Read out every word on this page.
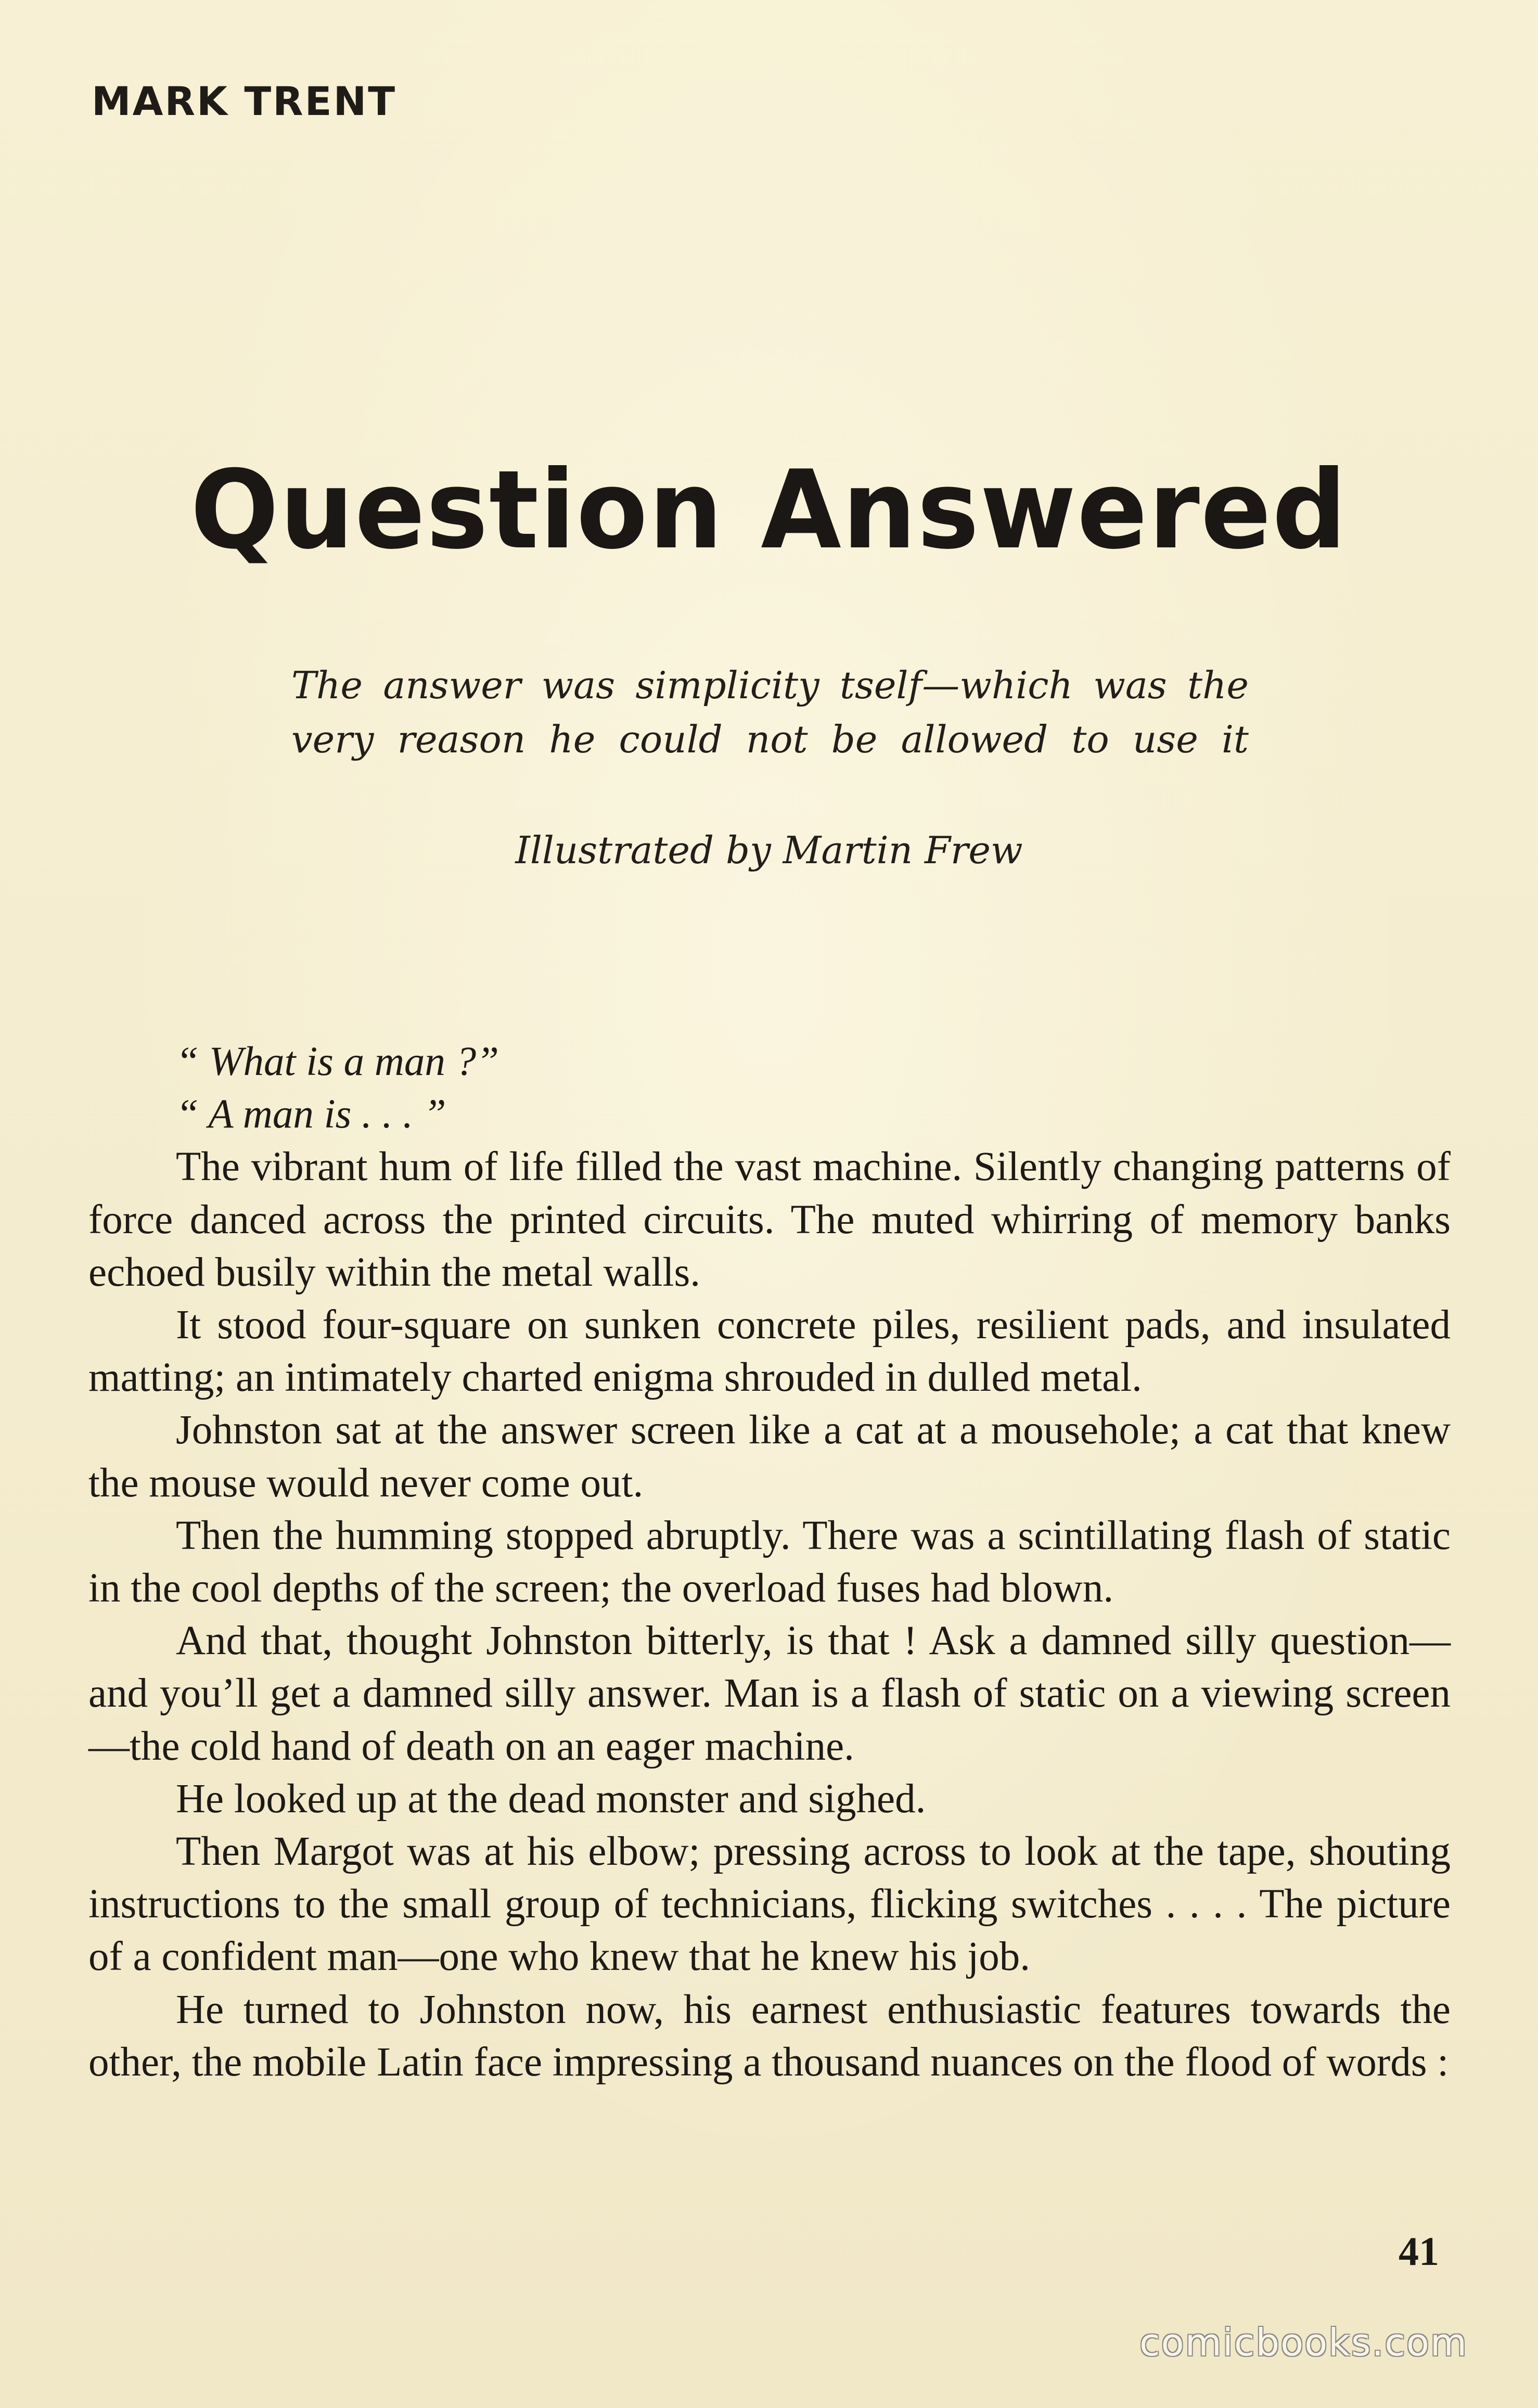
MARK TRENT
Question Answered
The answer was simplicity tself—which was the
very reason he could not be allowed to use it
Illustrated by Martin Frew

“ What is a man ?”

“ A man is . . . ”

The vibrant hum of life filled the vast machine. Silently changing patterns of force danced across the printed circuits. The muted whirring of memory banks echoed busily within the metal walls.

It stood four-square on sunken concrete piles, resilient pads, and insulated matting; an intimately charted enigma shrouded in dulled metal.

Johnston sat at the answer screen like a cat at a mousehole; a cat that knew the mouse would never come out.

Then the humming stopped abruptly. There was a scintillating flash of static in the cool depths of the screen; the overload fuses had blown.

And that, thought Johnston bitterly, is that ! Ask a damned silly question—and you’ll get a damned silly answer. Man is a flash of static on a viewing screen—the cold hand of death on an eager machine.

He looked up at the dead monster and sighed.

Then Margot was at his elbow; pressing across to look at the tape, shouting instructions to the small group of technicians, flicking switches . . . . The picture of a confident man—one who knew that he knew his job.

He turned to Johnston now, his earnest enthusiastic features towards the other, the mobile Latin face impressing a thousand nuances on the flood of words :

41
comicbooks.com
